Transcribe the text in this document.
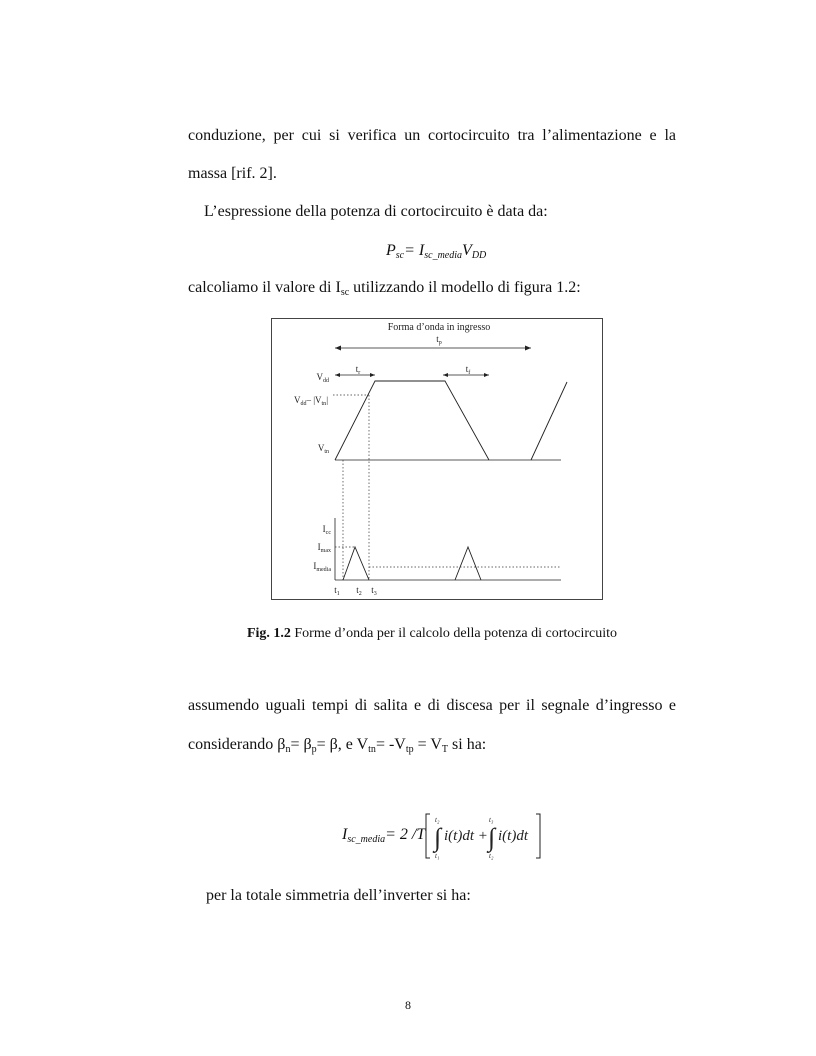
conduzione, per cui si verifica un cortocircuito tra l’alimentazione e la
massa [rif. 2].
L’espressione della potenza di cortocircuito è data da:
$P_{sc}= I_{sc\_media}V_{DD}$
calcoliamo il valore di $I_{sc}$ utilizzando il modello di figura 1.2:
Forma d’onda in ingresso
$t_p$
$t_r$	$t_f$
$V_{dd}$
$V_{dd}-$ $|V_{tn}|$
$V_{tn}$
$I_{cc}$
$I_{max}$
$I_{media}$
$t_1$ $t_2$ $t_3$
Fig. 1.2 Forme d’onda per il calcolo della potenza di cortocircuito
assumendo uguali tempi di salita e di discesa per il segnale d’ingresso e
considerando $\beta_n= \beta_p= \beta$, e $V_{tn}= -V_{tp} = V_T$ si ha:
$I_{sc\_media}= 2$ /T ∫
t₂
t₁
i(t)dt + ∫
t₃
t₂
i(t)dt
per la totale simmetria dell’inverter si ha:
8
